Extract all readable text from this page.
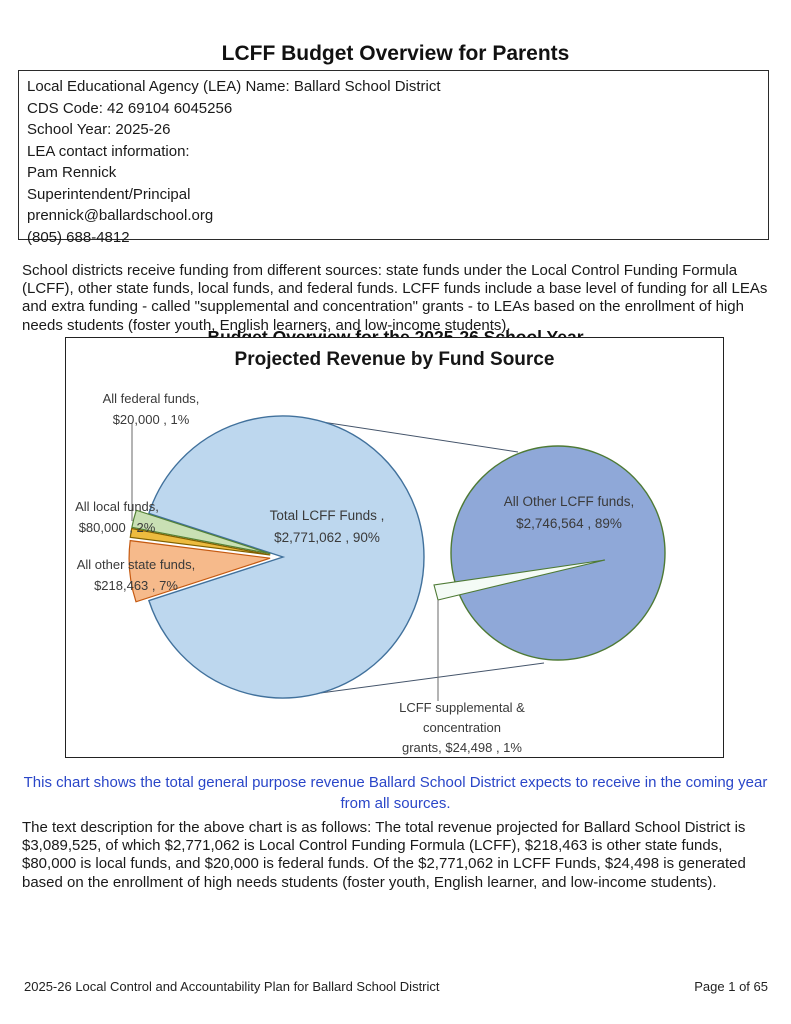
LCFF Budget Overview for Parents
Local Educational Agency (LEA) Name: Ballard School District
CDS Code: 42 69104 6045256
School Year: 2025-26
LEA contact information:
Pam Rennick
Superintendent/Principal
prennick@ballardschool.org
(805) 688-4812

School districts receive funding from different sources: state funds under the Local Control Funding Formula (LCFF), other state funds, local funds, and federal funds. LCFF funds include a base level of funding for all LEAs and extra funding - called "supplemental and concentration" grants - to LEAs based on the enrollment of high needs students (foster youth, English learners, and low-income students).

Projected Revenue by Fund Source
All federal funds,
$20,000 , 1%
All local funds,
$80,000 , 2%
All other state funds,
$218,463 , 7%
Total LCFF Funds ,
$2,771,062 , 90%
All Other LCFF funds,
$2,746,564 , 89%
LCFF supplemental &
concentration
grants, $24,498 , 1%

This chart shows the total general purpose revenue Ballard School District expects to receive in the coming year from all sources.

The text description for the above chart is as follows: The total revenue projected for Ballard School District is $3,089,525, of which $2,771,062 is Local Control Funding Formula (LCFF), $218,463 is other state funds, $80,000 is local funds, and $20,000 is federal funds. Of the $2,771,062 in LCFF Funds, $24,498 is generated based on the enrollment of high needs students (foster youth, English learner, and low-income students).

2025-26 Local Control and Accountability Plan for Ballard School District	Page 1 of 65
